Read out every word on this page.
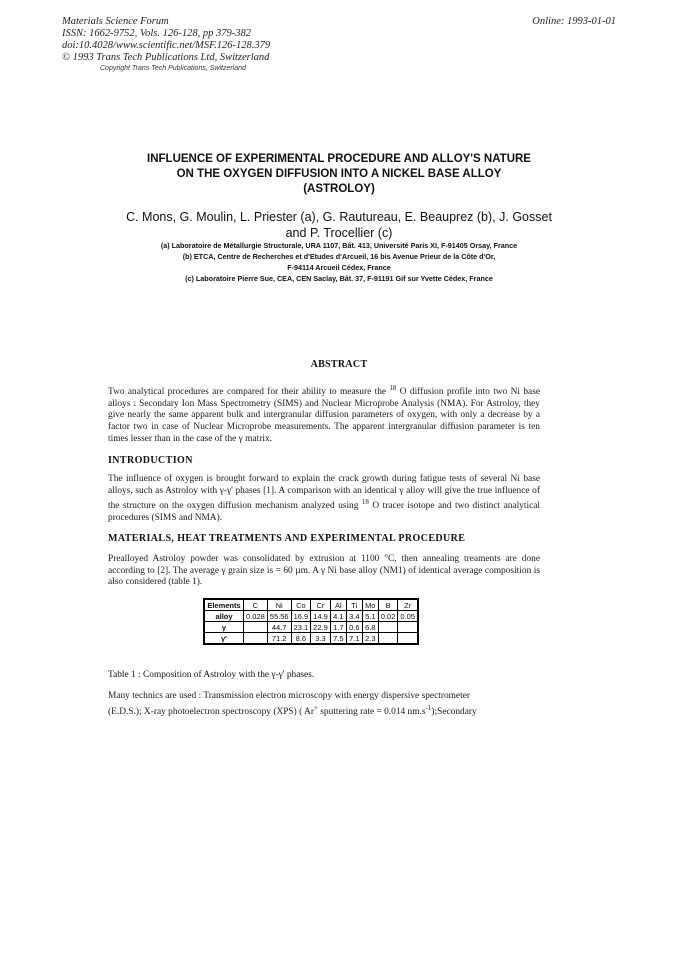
Materials Science Forum
ISSN: 1662-9752, Vols. 126-128, pp 379-382
doi:10.4028/www.scientific.net/MSF.126-128.379
© 1993 Trans Tech Publications Ltd, Switzerland
Online: 1993-01-01
Copyright Trans Tech Publications, Switzerland
INFLUENCE OF EXPERIMENTAL PROCEDURE AND ALLOY'S NATURE
ON THE OXYGEN DIFFUSION INTO A NICKEL BASE ALLOY
(ASTROLOY)
C. Mons, G. Moulin, L. Priester (a), G. Rautureau, E. Beauprez (b), J. Gosset
and P. Trocellier (c)
(a) Laboratoire de Métallurgie Structurale, URA 1107, Bât. 413, Université Paris XI, F-91405 Orsay, France
(b) ETCA, Centre de Recherches et d'Etudes d'Arcueil, 16 bis Avenue Prieur de la Côte d'Or,
F-94114 Arcueil Cédex, France
(c) Laboratoire Pierre Sue, CEA, CEN Saclay, Bât. 37, F-91191 Gif sur Yvette Cédex, France
ABSTRACT
Two analytical procedures are compared for their ability to measure the $^{18}$ O diffusion profile into two Ni base alloys : Secondary Ion Mass Spectrometry (SIMS) and Nuclear Microprobe Analysis (NMA). For Astroloy, they give nearly the same apparent bulk and intergranular diffusion parameters of oxygen, with only a decrease by a factor two in case of Nuclear Microprobe measurements. The apparent intergranular diffusion parameter is ten times lesser than in the case of the γ matrix.
INTRODUCTION
The influence of oxygen is brought forward to explain the crack growth during fatigue tests of several Ni base alloys, such as Astroloy with γ-γ' phases [1]. A comparison with an identical γ alloy will give the true influence of the structure on the oxygen diffusion mechanism analyzed using $^{18}$ O tracer isotope and two distinct analytical procedures (SIMS and NMA).
MATERIALS, HEAT TREATMENTS AND EXPERIMENTAL PROCEDURE
Prealloyed Astroloy powder was consolidated by extrusion at 1100 °C, then annealing treaments are done according to [2]. The average γ grain size is = 60 µm. A γ Ni base alloy (NM1) of identical average composition is also considered (table 1).
Elements	C	Ni	Co	Cr	Al	Ti	Mo	B	Zr
alloy	0.028	55.56	16.9	14.9	4.1	3.4	5.1	0.02	0.05
γ		44.7	23.1	22.9	1.7	0.6	6.8		
γ'		71.2	8.6	3.3	7.5	7.1	2.3		
Table 1 : Composition of Astroloy with the γ-γ' phases.
Many technics are used : Transmission electron microscopy with energy dispersive spectrometer
(E.D.S.); X-ray photoelectron spectroscopy (XPS) ( Ar+ sputtering rate = 0.014 $nm.s^{-1});Secondary$
